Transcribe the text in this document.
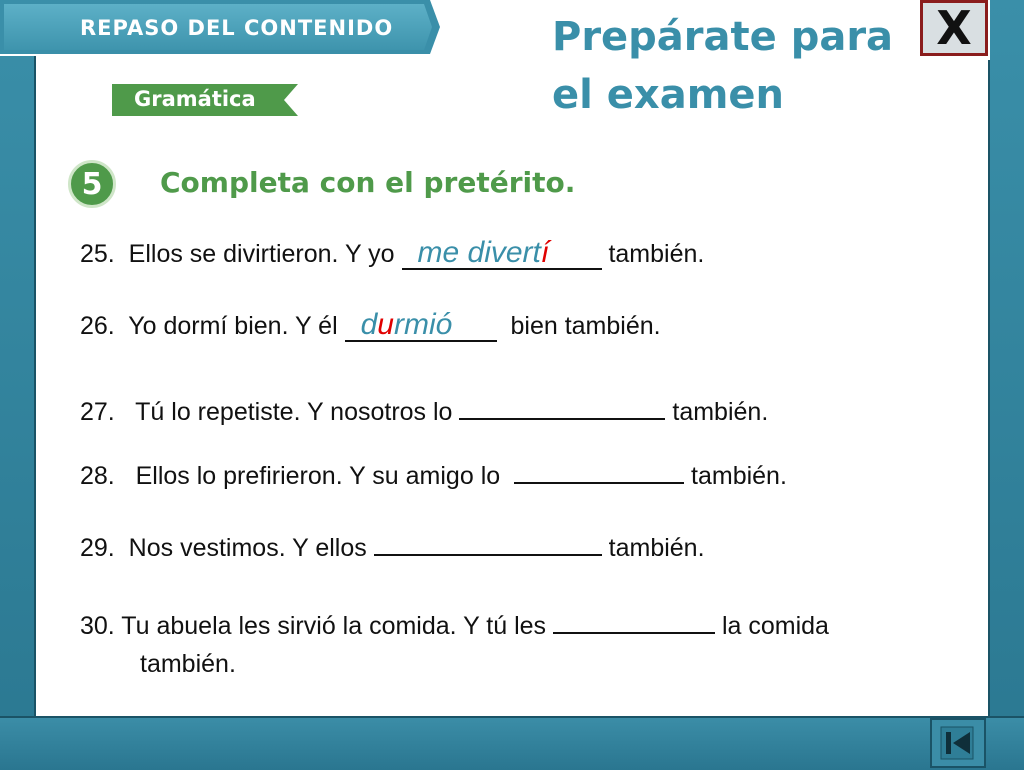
REPASO DEL CONTENIDO	Prepárate para
el examen
X
Gramática
5	Completa con el pretérito.
25. Ellos se divirtieron. Y yo me divertí también.
26. Yo dormí bien. Y él durmió bien también.
27. Tú lo repetiste. Y nosotros lo	también.
28. Ellos lo prefirieron. Y su amigo lo	también.
29. Nos vestimos. Y ellos	también.
30. Tu abuela les sirvió la comida. Y tú les	la comida
también.
